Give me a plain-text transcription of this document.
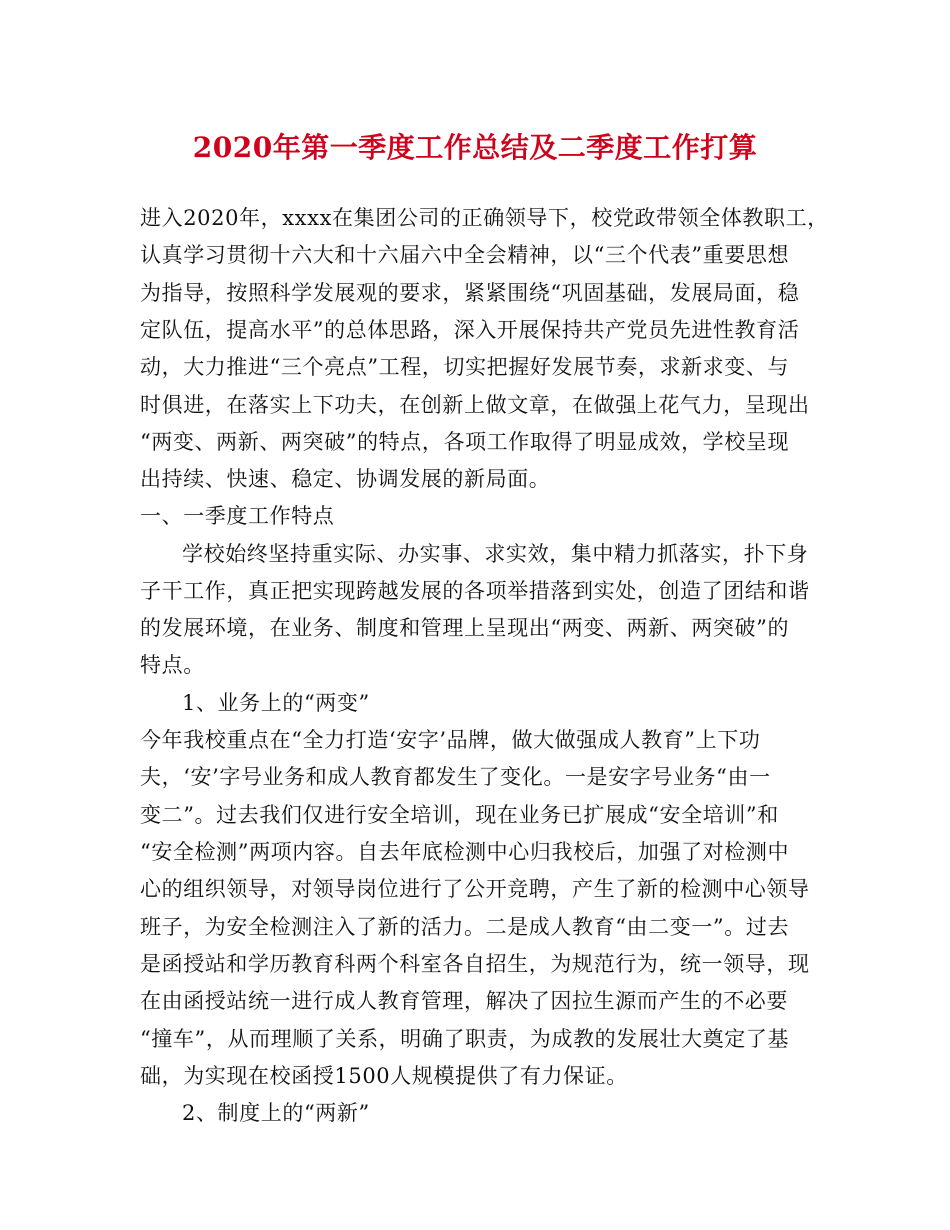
2020年第一季度工作总结及二季度工作打算
进入2020年，xxxx在集团公司的正确领导下，校党政带领全体教职工，
认真学习贯彻十六大和十六届六中全会精神，以“三个代表”重要思想
为指导，按照科学发展观的要求，紧紧围绕“巩固基础，发展局面，稳
定队伍，提高水平”的总体思路，深入开展保持共产党员先进性教育活
动，大力推进“三个亮点”工程，切实把握好发展节奏，求新求变、与
时俱进，在落实上下功夫，在创新上做文章，在做强上花气力，呈现出
“两变、两新、两突破”的特点，各项工作取得了明显成效，学校呈现
出持续、快速、稳定、协调发展的新局面。
一、一季度工作特点
学校始终坚持重实际、办实事、求实效，集中精力抓落实，扑下身
子干工作，真正把实现跨越发展的各项举措落到实处，创造了团结和谐
的发展环境，在业务、制度和管理上呈现出“两变、两新、两突破”的
特点。
1、业务上的“两变”
今年我校重点在“全力打造‘安字’品牌，做大做强成人教育”上下功
夫，‘安’字号业务和成人教育都发生了变化。一是安字号业务“由一
变二”。过去我们仅进行安全培训，现在业务已扩展成“安全培训”和
“安全检测”两项内容。自去年底检测中心归我校后，加强了对检测中
心的组织领导，对领导岗位进行了公开竞聘，产生了新的检测中心领导
班子，为安全检测注入了新的活力。二是成人教育“由二变一”。过去
是函授站和学历教育科两个科室各自招生，为规范行为，统一领导，现
在由函授站统一进行成人教育管理，解决了因拉生源而产生的不必要
“撞车”，从而理顺了关系，明确了职责，为成教的发展壮大奠定了基
础，为实现在校函授1500人规模提供了有力保证。
2、制度上的“两新”
